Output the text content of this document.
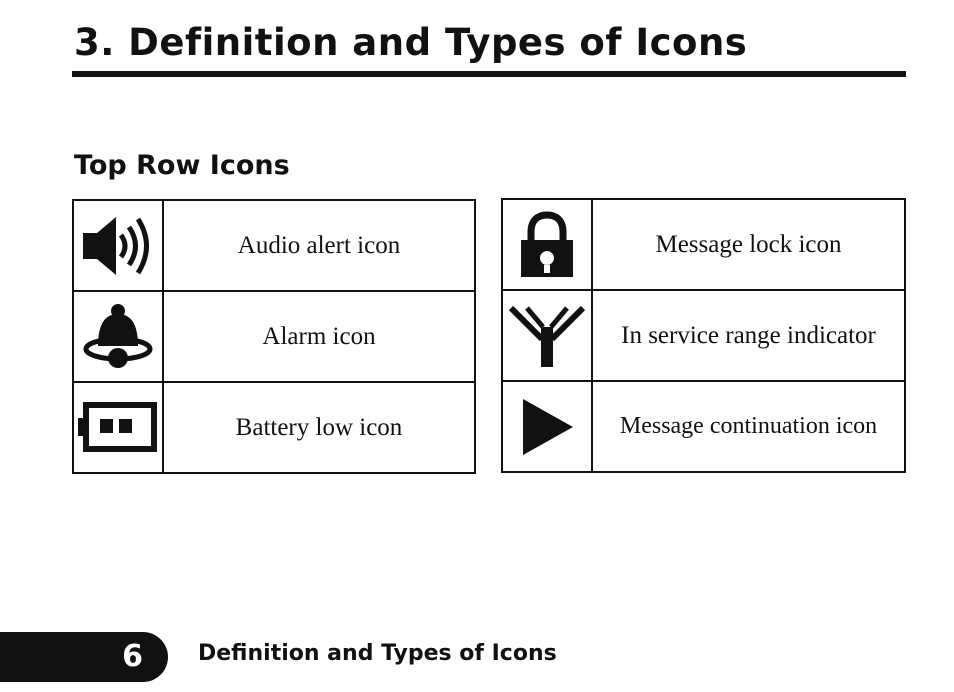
3. Definition and Types of Icons
Top Row Icons

Audio alert icon

Alarm icon

Battery low icon

Message lock icon

In service range indicator

Message continuation icon
6	Definition and Types of Icons
